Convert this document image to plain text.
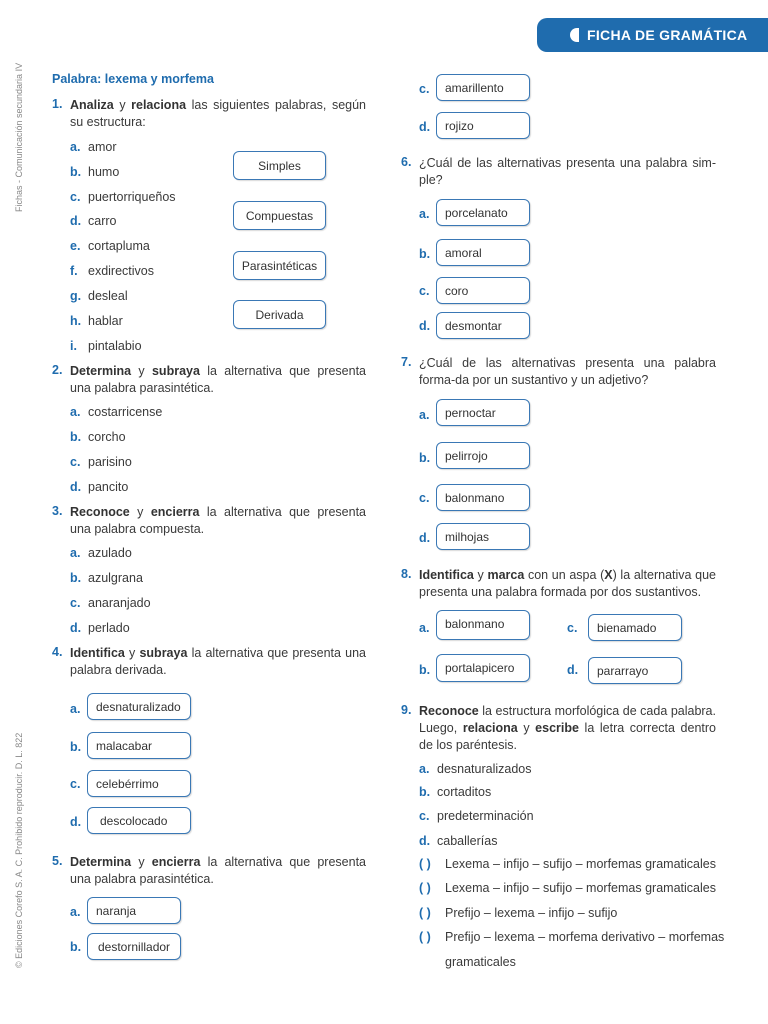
FICHA DE GRAMÁTICA
Fichas - Comunicación secundaria IV
© Ediciones Corefo S. A. C. Prohibido reproducir. D. L. 822
Palabra: lexema y morfema
1. Analiza y relaciona las siguientes palabras, según su estructura:
a. amor
b. humo
c. puertorriqueños
d. carro
e. cortapluma
f. exdirectivos
g. desleal
h. hablar
i. pintalabio
Simples
Compuestas
Parasintéticas
Derivada
2. Determina y subraya la alternativa que presenta una palabra parasintética.
a. costarricense
b. corcho
c. parisino
d. pancito
3. Reconoce y encierra la alternativa que presenta una palabra compuesta.
a. azulado
b. azulgrana
c. anaranjado
d. perlado
4. Identifica y subraya la alternativa que presenta una palabra derivada.
a.	desnaturalizado
b.	malacabar
c.	celebérrimo
d.	descolocado
5. Determina y encierra la alternativa que presenta una palabra parasintética.
a.	naranja
b.	destornillador
c.	amarillento
d.	rojizo
6. ¿Cuál de las alternativas presenta una palabra sim-ple?
a.	porcelanato
b.	amoral
c.	coro
d.	desmontar
7. ¿Cuál de las alternativas presenta una palabra forma-da por un sustantivo y un adjetivo?
a.	pernoctar
b.	pelirrojo
c.	balonmano
d.	milhojas
8. Identifica y marca con un aspa (X) la alternativa que presenta una palabra formada por dos sustantivos.
a.	balonmano
b.	portalapicero
c.	bienamado
d.	pararrayo
9. Reconoce la estructura morfológica de cada palabra. Luego, relaciona y escribe la letra correcta dentro de los paréntesis.
a. desnaturalizados
b. cortaditos
c. predeterminación
d. caballerías
( ) Lexema – infijo – sufijo – morfemas gramaticales
( ) Lexema – infijo – sufijo – morfemas gramaticales
( ) Prefijo – lexema – infijo – sufijo
( ) Prefijo – lexema – morfema derivativo – morfemas
gramaticales
